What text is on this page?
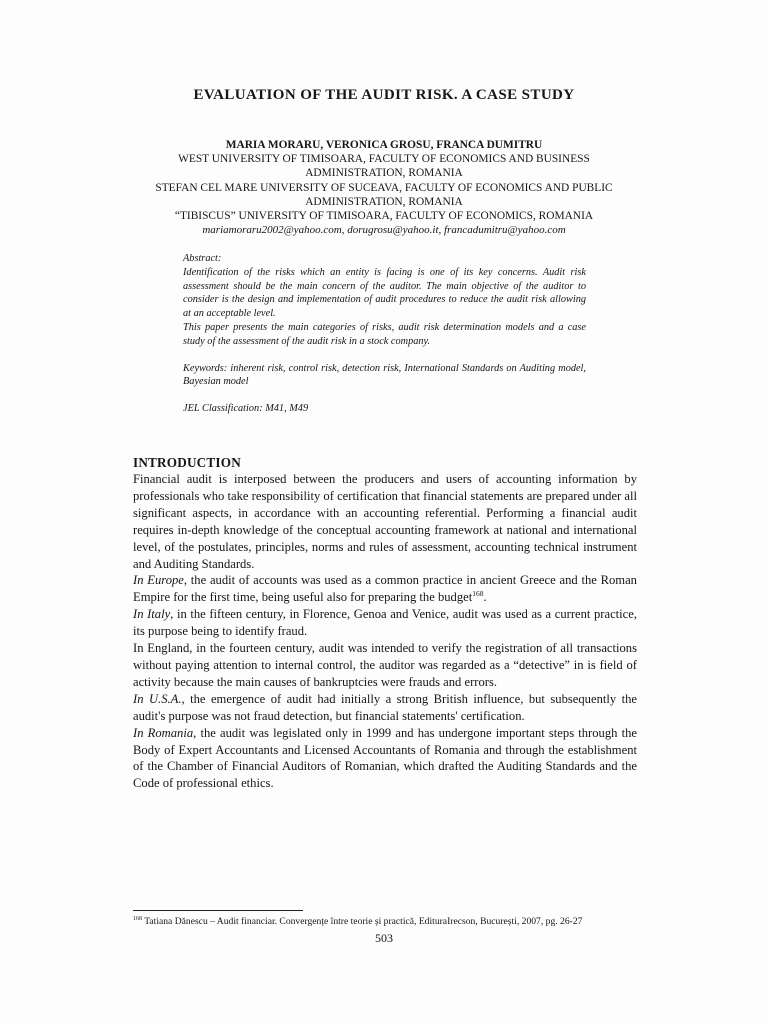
EVALUATION OF THE AUDIT RISK. A CASE STUDY
MARIA MORARU, VERONICA GROSU, FRANCA DUMITRU
WEST UNIVERSITY OF TIMISOARA, FACULTY OF ECONOMICS AND BUSINESS
ADMINISTRATION, ROMANIA
STEFAN CEL MARE UNIVERSITY OF SUCEAVA, FACULTY OF ECONOMICS AND PUBLIC
ADMINISTRATION, ROMANIA
“TIBISCUS” UNIVERSITY OF TIMISOARA, FACULTY OF ECONOMICS, ROMANIA
mariamoraru2002@yahoo.com, dorugrosu@yahoo.it, francadumitru@yahoo.com

Abstract:

Identification of the risks which an entity is facing is one of its key concerns. Audit risk assessment should be the main concern of the auditor. The main objective of the auditor to consider is the design and implementation of audit procedures to reduce the audit risk allowing at an acceptable level.

This paper presents the main categories of risks, audit risk determination models and a case study of the assessment of the audit risk in a stock company.

Keywords: inherent risk, control risk, detection risk, International Standards on Auditing model, Bayesian model

JEL Classification: M41, M49

INTRODUCTION

Financial audit is interposed between the producers and users of accounting information by professionals who take responsibility of certification that financial statements are prepared under all significant aspects, in accordance with an accounting referential. Performing a financial audit requires in-depth knowledge of the conceptual accounting framework at national and international level, of the postulates, principles, norms and rules of assessment, accounting technical instrument and Auditing Standards.

In Europe, the audit of accounts was used as a common practice in ancient Greece and the Roman Empire for the first time, being useful also for preparing the budget$^{168}$.

In Italy, in the fifteen century, in Florence, Genoa and Venice, audit was used as a current practice, its purpose being to identify fraud.

In England, in the fourteen century, audit was intended to verify the registration of all transactions without paying attention to internal control, the auditor was regarded as a “detective” in is field of activity because the main causes of bankruptcies were frauds and errors.

In U.S.A., the emergence of audit had initially a strong British influence, but subsequently the audit's purpose was not fraud detection, but financial statements' certification.

In Romania, the audit was legislated only in 1999 and has undergone important steps through the Body of Expert Accountants and Licensed Accountants of Romania and through the establishment of the Chamber of Financial Auditors of Romanian, which drafted the Auditing Standards and the Code of professional ethics.

$^{168}$ Tatiana Dănescu – Audit financiar. Convergențe între teorie și practică, EdituraIrecson, București, 2007, pg. 26-27
503
